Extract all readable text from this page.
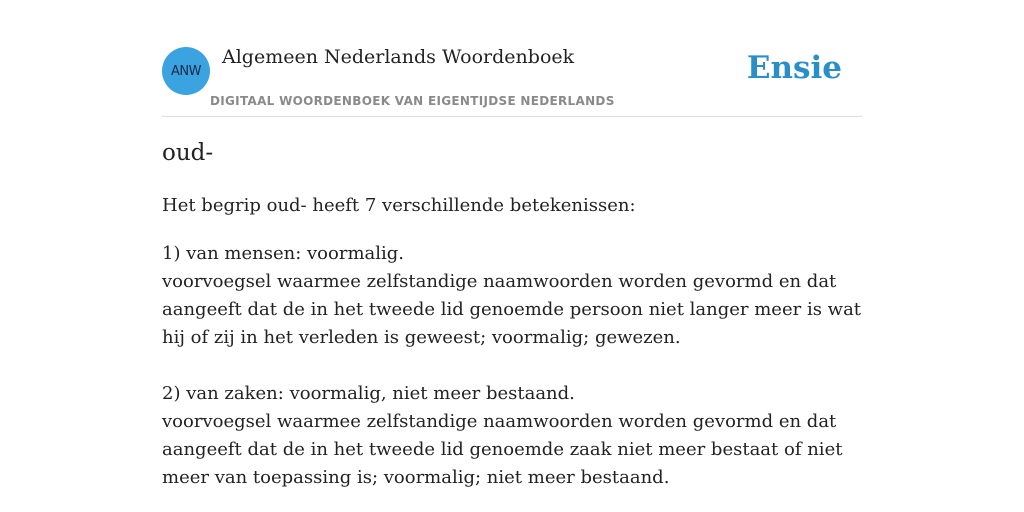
ANW
Algemeen Nederlands Woordenboek
DIGITAAL WOORDENBOEK VAN EIGENTIJDSE NEDERLANDS
Ensie
oud-
Het begrip oud- heeft 7 verschillende betekenissen:
1) van mensen: voormalig.
voorvoegsel waarmee zelfstandige naamwoorden worden gevormd en dat aangeeft dat de in het tweede lid genoemde persoon niet langer meer is wat hij of zij in het verleden is geweest; voormalig; gewezen.
2) van zaken: voormalig, niet meer bestaand.
voorvoegsel waarmee zelfstandige naamwoorden worden gevormd en dat aangeeft dat de in het tweede lid genoemde zaak niet meer bestaat of niet meer van toepassing is; voormalig; niet meer bestaand.
